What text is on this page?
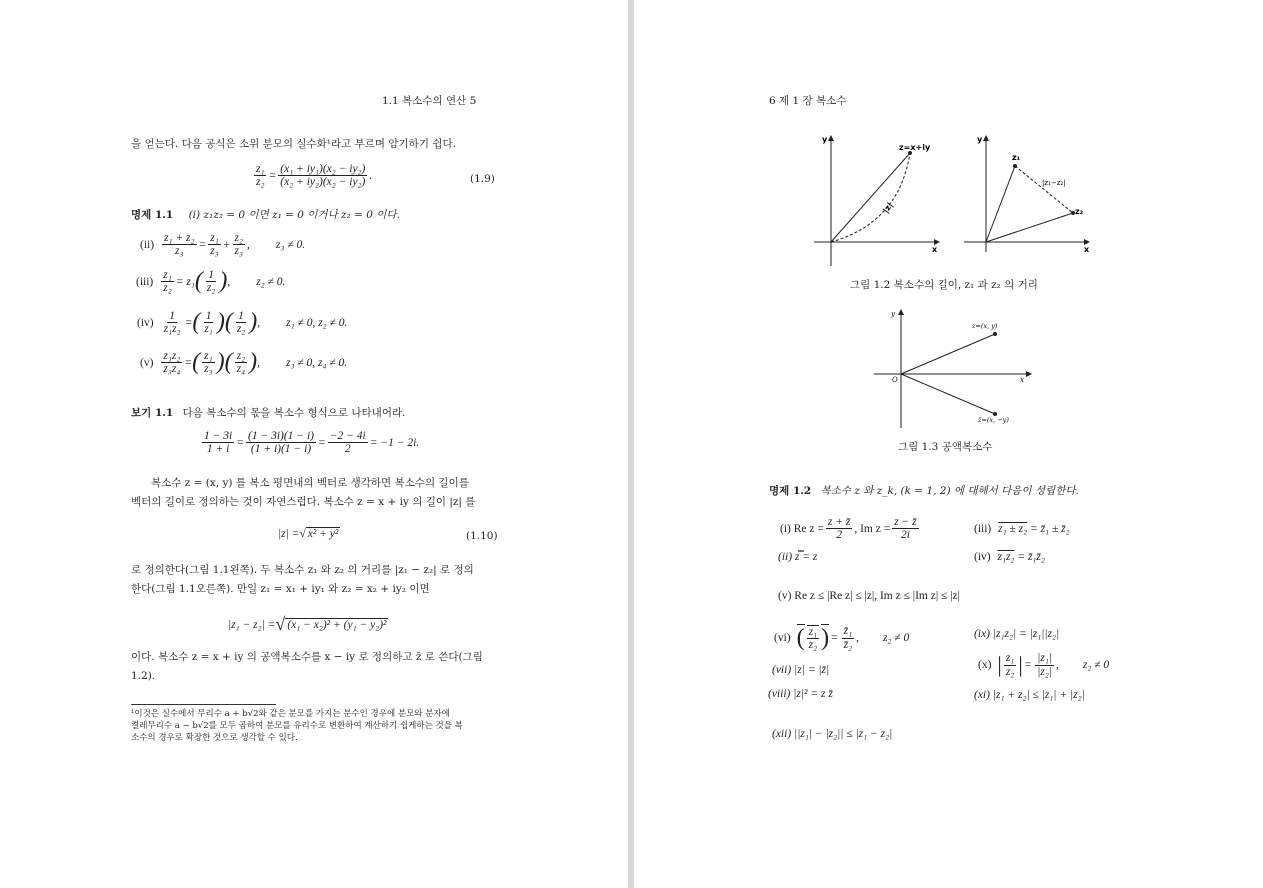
1.1 복소수의 연산 5
을 얻는다. 다음 공식은 소위 분모의 실수화¹라고 부르며 암기하기 쉽다.
$\frac{\text{z₁}}{\text{z₂}} = \frac{\text{(x₁ + iy₁)(x₂ − iy₂)}}{\text{(x₂ + iy₂)(x₂ − iy₂)}}$ .	(1.9)
명제 1.1 (i) z₁z₂ = 0 이면 z₁ = 0 이거나 z₂ = 0 이다.
$(ii) \frac{\text{z₁ + z₂}}{\text{z₃}} = \frac{\text{z₁}}{\text{z₃}} + \frac{\text{z₂}}{\text{z₃}}$ , z₃ ≠ 0.
$(iii) \frac{\text{z₁}}{\text{z₂}} = z_1$ ( $\frac{1}{\text{z₂}}$ ) , z₂ ≠ 0.
$(iv) \frac{1}{\text{z₁z₂}}$ = ( $\frac{1}{\text{z₁}}$ ) ( $\frac{1}{\text{z₂}}$ ) , z₁ ≠ 0, z₂ ≠ 0.
$(v) \frac{\text{z₁z₂}}{\text{z₃z₄}}$ = ( $\frac{\text{z₁}}{\text{z₃}}$ ) ( $\frac{\text{z₂}}{\text{z₄}}$ ) , z₃ ≠ 0, z₄ ≠ 0.
보기 1.1 다음 복소수의 몫을 복소수 형식으로 나타내어라.
$\frac{1 - 3i}{1 + i} = \frac{(1 - 3i)(1 - i)}{(1 + i)(1 - i)} = \frac{-2 - 4i}{2} = -1 - 2i$.
복소수 z = (x, y) 를 복소 평면내의 벡터로 생각하면 복소수의 길이를
벡터의 길이로 정의하는 것이 자연스럽다. 복소수 z = x + iy 의 길이 |z| 를
|z| = √ x² + y²	(1.10)
로 정의한다(그림 1.1왼쪽). 두 복소수 z₁ 와 z₂ 의 거리를 |z₁ − z₂| 로 정의
한다(그림 1.1오른쪽). 만일 z₁ = x₁ + iy₁ 와 z₂ = x₂ + iy₂ 이면
|z₁ − z₂| = √ (x₁ − x₂)² + (y₁ − y₂)²
이다. 복소수 z = x + iy 의 공액복소수를 x − iy 로 정의하고 z̄ 로 쓴다(그림
1.2).
¹이것은 실수에서 무리수 a + b√2와 같은 분모를 가지는 분수인 경우에 분모와 분자에
켤레무리수 a − b√2를 모두 곱하여 분모를 유리수로 변환하여 계산하기 쉽게하는 것을 복
소수의 경우로 확장한 것으로 생각할 수 있다.
6 제 1 장 복소수
y
x
z=x+iy
|z|
y
x
z₁
z₂
|z₁−z₂|
그림 1.2 복소수의 길이, z₁ 과 z₂ 의 거리
y
x
O
z=(x, y)
z̄=(x, −y)
그림 1.3 공액복소수
명제 1.2 복소수 z 와 z_k, (k = 1, 2) 에 대해서 다음이 성립한다.
(i) Re $z = \frac{z + z̄}{2}$ , Im $z = \frac{z - z̄}{2i}$	(iii) z₁ ± z₂ = z̄₁ ± z̄₂
(ii) z̿ = z	(iv) z₁z₂ = z̄₁z̄₂
(v) Re z ≤ |Re z| ≤ |z|, Im z ≤ |Im z| ≤ |z|
(vi) ( $\frac{\text{z₁}}{\text{z₂}}$ ) = $\frac{\text{z̄₁}}{\text{z̄₂}}$ , z₂ ≠ 0	(ix) |z₁z₂| = |z₁||z₂|
(vii) |z| = |z̄|	(x) | $\frac{\text{z₁}}{\text{z₂}}$ | = $\frac{\text{|z₁|}}{\text{|z₂|}}$ , z₂ ≠ 0
(viii) |z|² = z z̄	(xi) |z₁ + z₂| ≤ |z₁| + |z₂|
(xii) ||z₁| − |z₂|| ≤ |z₁ − z₂|
